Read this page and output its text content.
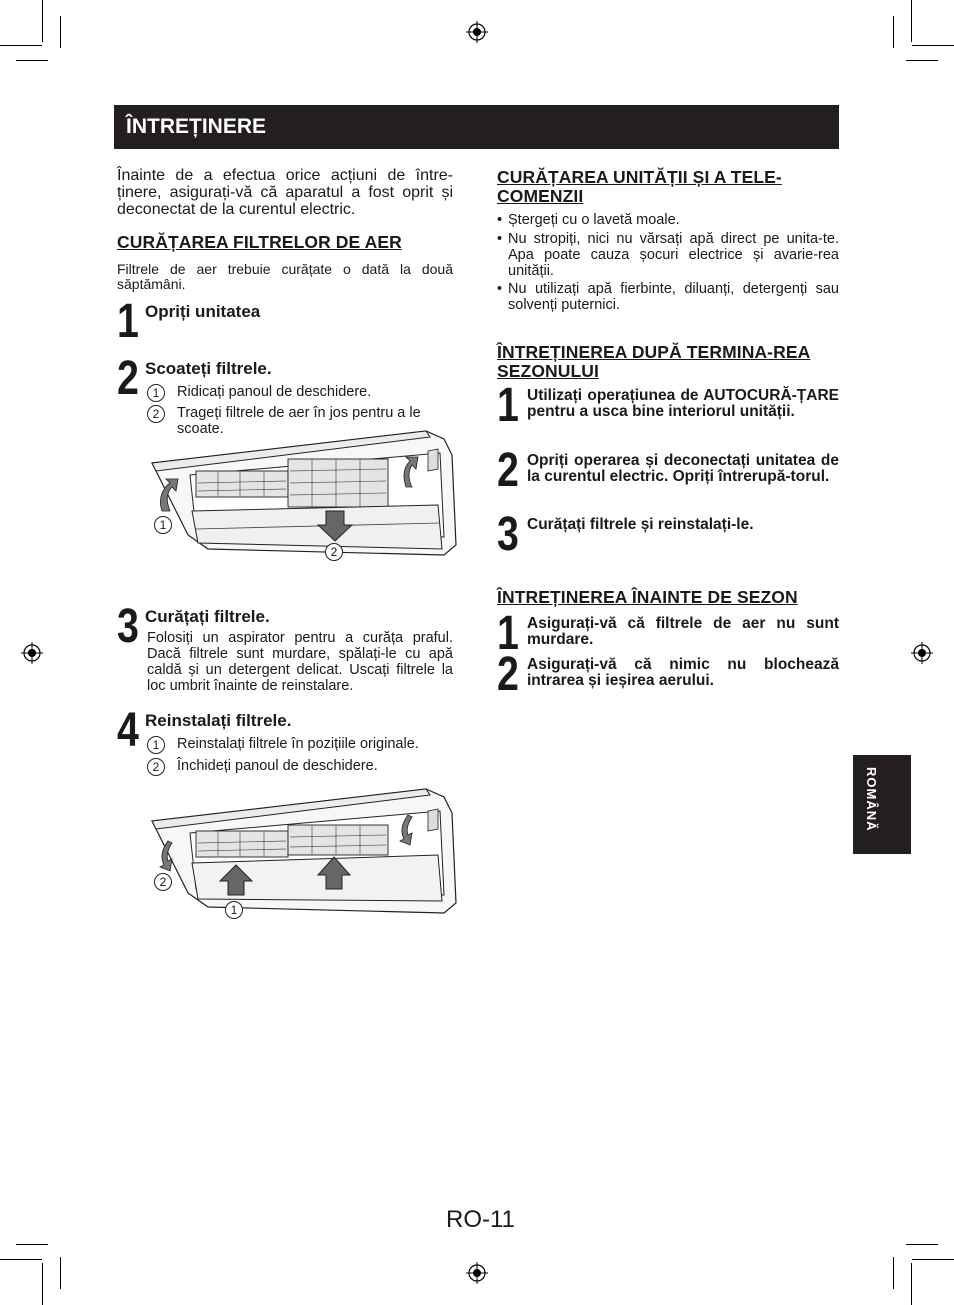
ÎNTREȚINERE
Înainte de a efectua orice acțiuni de între-ținere, asigurați-vă că aparatul a fost oprit și deconectat de la curentul electric.
CURĂȚAREA FILTRELOR DE AER
Filtrele de aer trebuie curățate o dată la două săptămâni.
1 Opriți unitatea
2 Scoateți filtrele.
1	Ridicați panoul de deschidere.
2	Trageți filtrele de aer în jos pentru a le scoate.
1
2
3 Curățați filtrele.
Folosiți un aspirator pentru a curăța praful. Dacă filtrele sunt murdare, spălați-le cu apă caldă și un detergent delicat. Uscați filtrele la loc umbrit înainte de reinstalare.
4 Reinstalați filtrele.
1	Reinstalați filtrele în pozițiile originale.
2	Închideți panoul de deschidere.
2
1
CURĂȚAREA UNITĂȚII ȘI A TELE-COMENZII
• Ștergeți cu o lavetă moale.
• Nu stropiți, nici nu vărsați apă direct pe unita-te. Apa poate cauza șocuri electrice și avarie-rea unității.
• Nu utilizați apă fierbinte, diluanți, detergenți sau solvenți puternici.
ÎNTREȚINEREA DUPĂ TERMINA-REA SEZONULUI
1 Utilizați operațiunea de AUTOCURĂ-ȚARE pentru a usca bine interiorul unității.
2 Opriți operarea și deconectați unitatea de la curentul electric. Opriți întrerupă-torul.
3 Curățați filtrele și reinstalați-le.
ÎNTREȚINEREA ÎNAINTE DE SEZON
1 Asigurați-vă că filtrele de aer nu sunt murdare.
2 Asigurați-vă că nimic nu blochează intrarea și ieșirea aerului.
ROMÂNĂ
RO-11
